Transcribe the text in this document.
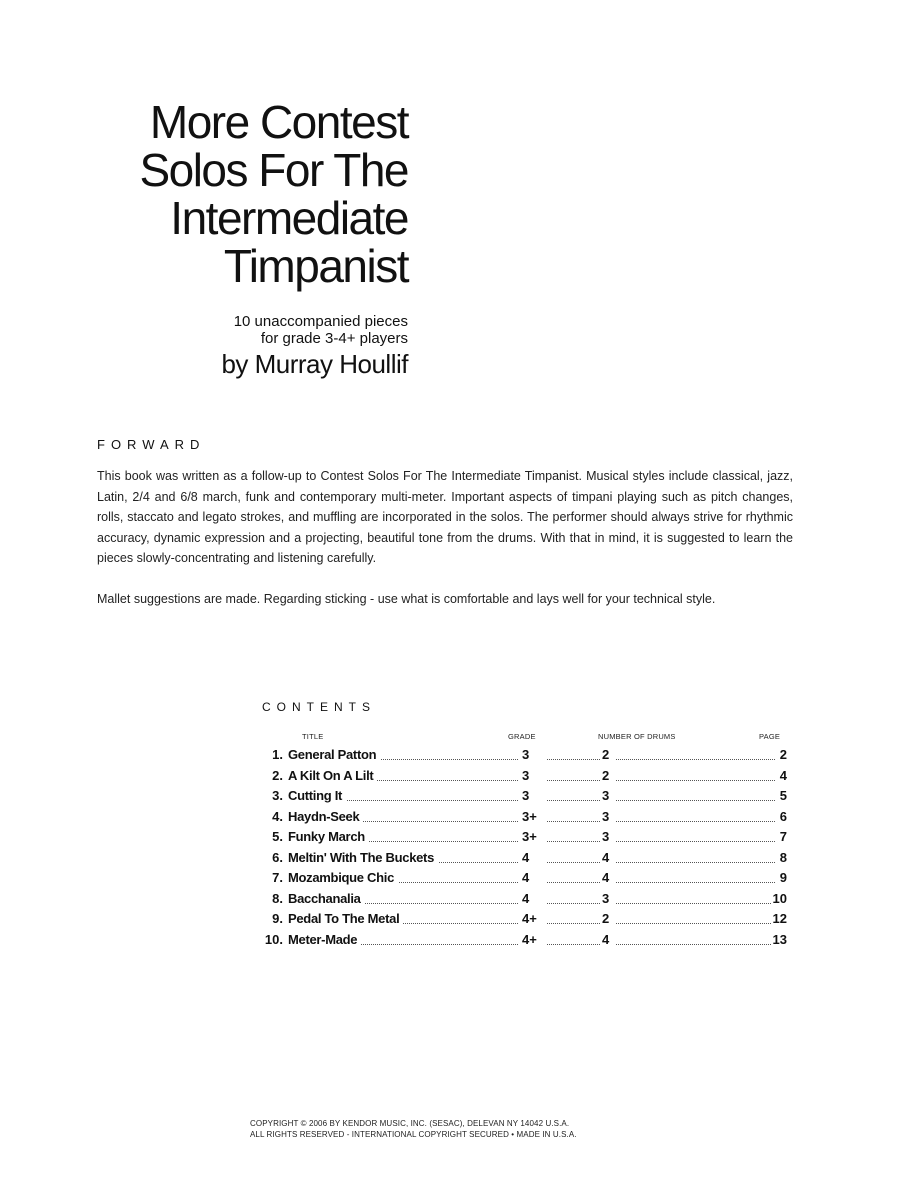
More Contest
Solos For The
Intermediate
Timpanist
10 unaccompanied pieces
for grade 3-4+ players
by Murray Houllif
FORWARD

This book was written as a follow-up to Contest Solos For The Intermediate Timpanist. Musical styles include classical, jazz, Latin, 2/4 and 6/8 march, funk and contemporary multi-meter. Important aspects of timpani playing such as pitch changes, rolls, staccato and legato strokes, and muffling are incorporated in the solos. The performer should always strive for rhythmic accuracy, dynamic expression and a projecting, beautiful tone from the drums. With that in mind, it is suggested to learn the pieces slowly-concentrating and listening carefully.

Mallet suggestions are made. Regarding sticking - use what is comfortable and lays well for your technical style.

CONTENTS
TITLE	GRADE	NUMBER OF DRUMS	PAGE
1. General Patton	3	2	2
2. A Kilt On A Lilt	3	2	4
3. Cutting It	3	3	5
4. Haydn-Seek	3+	3	6
5. Funky March	3+	3	7
6. Meltin' With The Buckets	4	4	8
7. Mozambique Chic	4	4	9
8. Bacchanalia	4	3	10
9. Pedal To The Metal	4+	2	12
10. Meter-Made	4+	4	13
COPYRIGHT © 2006 BY KENDOR MUSIC, INC. (SESAC), DELEVAN NY 14042 U.S.A.
ALL RIGHTS RESERVED - INTERNATIONAL COPYRIGHT SECURED • MADE IN U.S.A.
